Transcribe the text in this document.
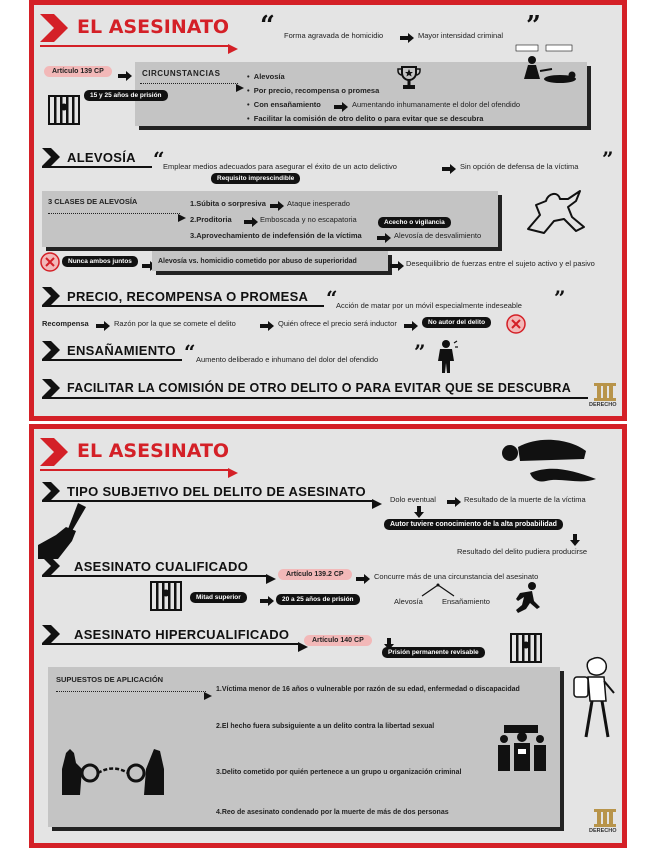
EL ASESINATO “ Forma agravada de homicidio	Mayor intensidad criminal ”
Artículo 139 CP	CIRCUNSTANCIAS	•  Alevosía
•  Por precio, recompensa o promesa
•  Con ensañamiento	Aumentando inhumanamente el dolor del ofendido
•  Facilitar la comisión de otro delito o para evitar que se descubra
15 y 25 años de prisión
ALEVOSÍA “
Emplear medios adecuados para asegurar el éxito de un acto delictivo	Sin opción de defensa de la víctima ”
Requisito imprescindible
3 CLASES DE ALEVOSÍA	1.Súbita o sorpresiva	Ataque inesperado
2.Proditoria	Emboscada y no escapatoria	Acecho o vigilancia
3.Aprovechamiento de indefensión de la víctima	Alevosía de desvalimiento
Nunca ambos juntos	Alevosía vs. homicidio cometido por abuso de superioridad	Desequilibrio de fuerzas entre el sujeto activo y el pasivo
PRECIO, RECOMPENSA O PROMESA “
Acción de matar por un móvil especialmente indeseable ”
Recompensa	Razón por la que se comete el delito	Quién ofrece el precio será inductor	No autor del delito
ENSAÑAMIENTO “ Aumento deliberado e inhumano del dolor del ofendido ”
FACILITAR LA COMISIÓN DE OTRO DELITO O PARA EVITAR QUE SE DESCUBRA
DERECHO
EL ASESINATO
TIPO SUBJETIVO DEL DELITO DE ASESINATO
Dolo eventual	Resultado de la muerte de la víctima
Autor tuviere conocimiento de la alta probabilidad
Resultado del delito pudiera producirse
ASESINATO CUALIFICADO
Artículo 139.2 CP	Concurre más de una circunstancia del asesinato
Mitad superior	20 a 25 años de prisión	Alevosía	Ensañamiento
ASESINATO HIPERCUALIFICADO	Artículo 140 CP
Prisión permanente revisable
SUPUESTOS DE APLICACIÓN
1.Víctima menor de 16 años o vulnerable por razón de su edad, enfermedad o discapacidad
2.El hecho fuera subsiguiente a un delito contra la libertad sexual
3.Delito cometido por quién pertenece a un grupo u organización criminal
4.Reo de asesinato condenado por la muerte de más de dos personas
DERECHO
